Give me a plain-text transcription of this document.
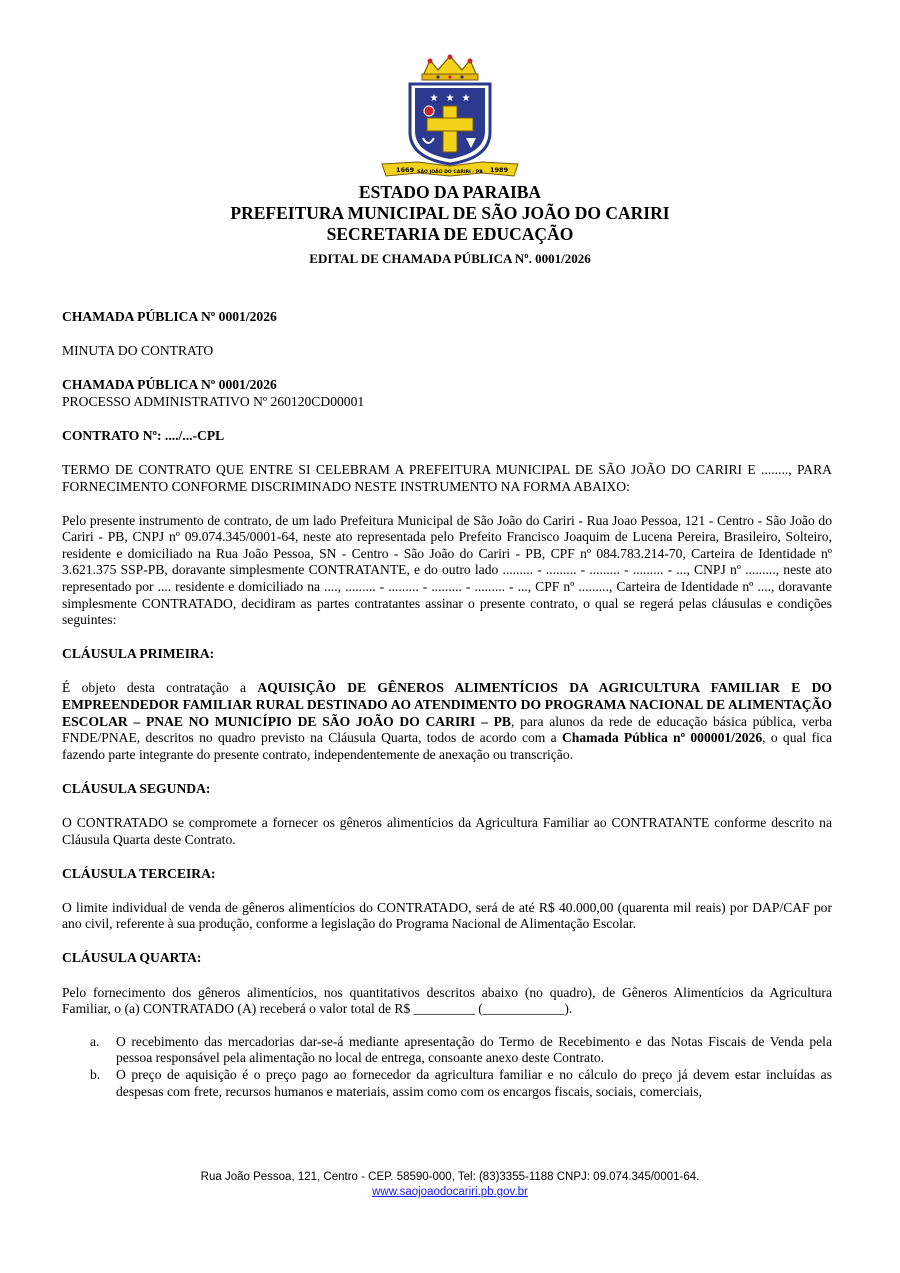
★ ★ ★
1669 SÃO JOÃO DO CARIRI - PB 1989
ESTADO DA PARAIBA
PREFEITURA MUNICIPAL DE SÃO JOÃO DO CARIRI
SECRETARIA DE EDUCAÇÃO
EDITAL DE CHAMADA PÚBLICA Nº. 0001/2026

CHAMADA PÚBLICA Nº 0001/2026

MINUTA DO CONTRATO

CHAMADA PÚBLICA Nº 0001/2026

PROCESSO ADMINISTRATIVO Nº 260120CD00001

CONTRATO Nº: ..../...-CPL

TERMO DE CONTRATO QUE ENTRE SI CELEBRAM A PREFEITURA MUNICIPAL DE SÃO JOÃO DO CARIRI E ........, PARA FORNECIMENTO CONFORME DISCRIMINADO NESTE INSTRUMENTO NA FORMA ABAIXO:

Pelo presente instrumento de contrato, de um lado Prefeitura Municipal de São João do Cariri - Rua Joao Pessoa, 121 - Centro - São João do Cariri - PB, CNPJ nº 09.074.345/0001-64, neste ato representada pelo Prefeito Francisco Joaquim de Lucena Pereira, Brasileiro, Solteiro, residente e domiciliado na Rua João Pessoa, SN - Centro - São João do Cariri - PB, CPF nº 084.783.214-70, Carteira de Identidade nº 3.621.375 SSP-PB, doravante simplesmente CONTRATANTE, e do outro lado ......... - ......... - ......... - ......... - ..., CNPJ nº ........., neste ato representado por .... residente e domiciliado na ...., ......... - ......... - ......... - ......... - ..., CPF nº ........., Carteira de Identidade nº ...., doravante simplesmente CONTRATADO, decidiram as partes contratantes assinar o presente contrato, o qual se regerá pelas cláusulas e condições seguintes:

CLÁUSULA PRIMEIRA:

É objeto desta contratação a AQUISIÇÃO DE GÊNEROS ALIMENTÍCIOS DA AGRICULTURA FAMILIAR E DO EMPREENDEDOR FAMILIAR RURAL DESTINADO AO ATENDIMENTO DO PROGRAMA NACIONAL DE ALIMENTAÇÃO ESCOLAR – PNAE NO MUNICÍPIO DE SÃO JOÃO DO CARIRI – PB, para alunos da rede de educação básica pública, verba FNDE/PNAE, descritos no quadro previsto na Cláusula Quarta, todos de acordo com a Chamada Pública nº 000001/2026, o qual fica fazendo parte integrante do presente contrato, independentemente de anexação ou transcrição.

CLÁUSULA SEGUNDA:

O CONTRATADO se compromete a fornecer os gêneros alimentícios da Agricultura Familiar ao CONTRATANTE conforme descrito na Cláusula Quarta deste Contrato.

CLÁUSULA TERCEIRA:

O limite individual de venda de gêneros alimentícios do CONTRATADO, será de até R$ 40.000,00 (quarenta mil reais) por DAP/CAF por ano civil, referente à sua produção, conforme a legislação do Programa Nacional de Alimentação Escolar.

CLÁUSULA QUARTA:

Pelo fornecimento dos gêneros alimentícios, nos quantitativos descritos abaixo (no quadro), de Gêneros Alimentícios da Agricultura Familiar, o (a) CONTRATADO (A) receberá o valor total de R$ _________ (____________).

a. O recebimento das mercadorias dar-se-á mediante apresentação do Termo de Recebimento e das Notas Fiscais de Venda pela pessoa responsável pela alimentação no local de entrega, consoante anexo deste Contrato.
b. O preço de aquisição é o preço pago ao fornecedor da agricultura familiar e no cálculo do preço já devem estar incluídas as despesas com frete, recursos humanos e materiais, assim como com os encargos fiscais, sociais, comerciais,
Rua João Pessoa, 121, Centro - CEP. 58590-000, Tel: (83)3355-1188 CNPJ: 09.074.345/0001-64.
www.saojoaodocariri.pb.gov.br
